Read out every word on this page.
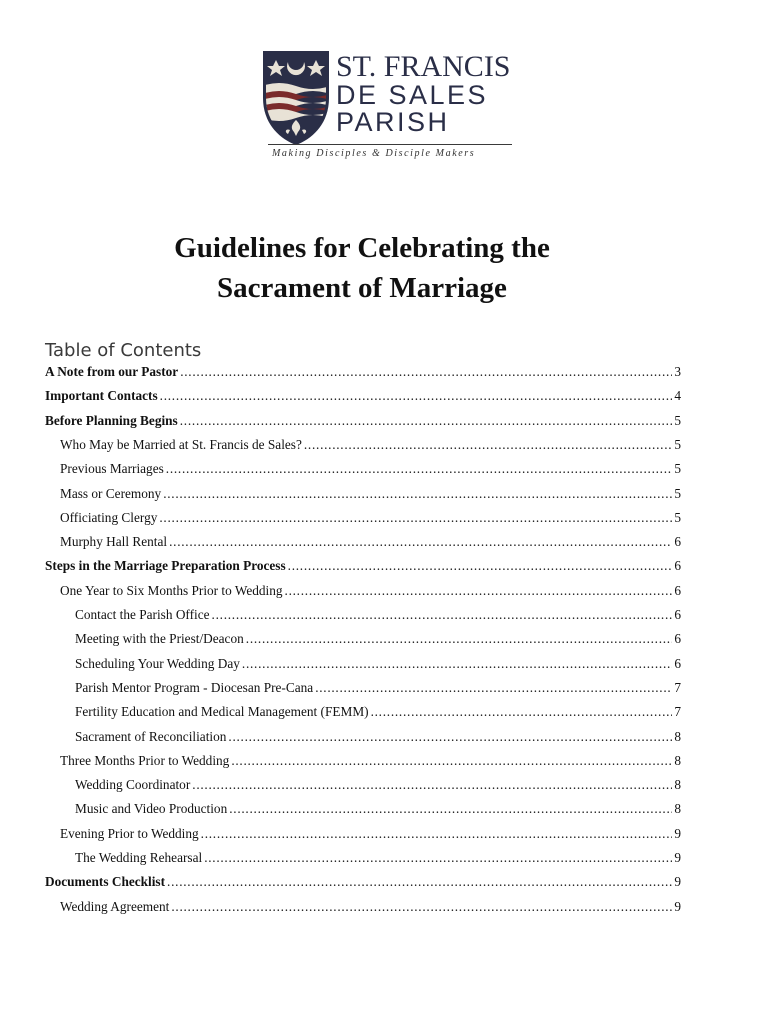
ST. FRANCIS
DE SALES
PARISH
Making Disciples & Disciple Makers
Guidelines for Celebrating the
Sacrament of Marriage
Table of Contents
A Note from our Pastor . . .	3
Important Contacts . . .	4
Before Planning Begins . . .	5
Who May be Married at St. Francis de Sales? . . .	5
Previous Marriages . . .	5
Mass or Ceremony . . .	5
Officiating Clergy . . .	5
Murphy Hall Rental . . .	6
Steps in the Marriage Preparation Process . . .	6
One Year to Six Months Prior to Wedding . . .	6
Contact the Parish Office . . .	6
Meeting with the Priest/Deacon . . .	6
Scheduling Your Wedding Day . . .	6
Parish Mentor Program - Diocesan Pre-Cana . . .	7
Fertility Education and Medical Management (FEMM) . . .	7
Sacrament of Reconciliation . . .	8
Three Months Prior to Wedding . . .	8
Wedding Coordinator . . .	8
Music and Video Production . . .	8
Evening Prior to Wedding . . .	9
The Wedding Rehearsal . . .	9
Documents Checklist . . .	9
Wedding Agreement . . .	9
